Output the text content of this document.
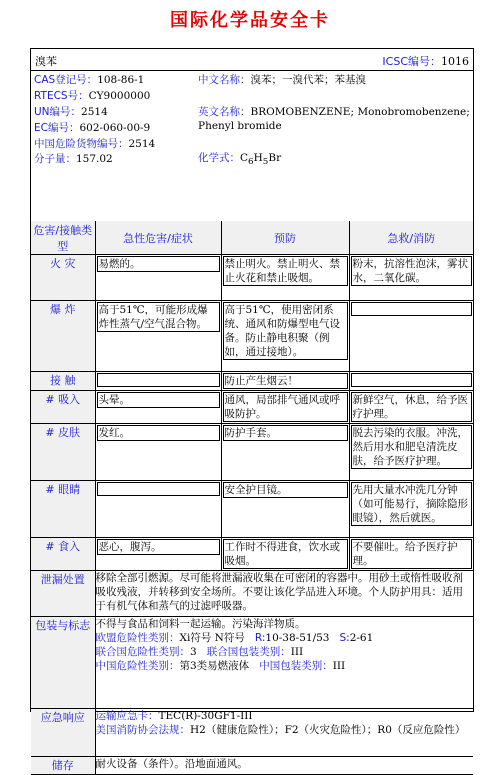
国际化学品安全卡
溴苯	ICSC编号：1016
CAS登记号：108-86-1
RTECS号：CY9000000
UN编号：2514
EC编号：602-060-00-9
中国危险货物编号：2514
分子量：157.02
中文名称：溴苯；一溴代苯；苯基溴
英文名称：BROMOBENZENE; Monobromobenzene;
Phenyl bromide
化学式：$C_6H_5Br$
危害/接触类型	急性危害/症状	预防	急救/消防
火 灾	易燃的。	禁止明火。禁止明火、禁止火花和禁止吸烟。	粉末，抗溶性泡沫，雾状水，二氧化碳。

爆 炸	高于51℃，可能形成爆炸性蒸气/空气混合物。	高于51℃，使用密闭系统、通风和防爆型电气设备。防止静电积聚（例如，通过接地）。	

接 触		防止产生烟云！	

# 吸入	头晕。	通风，局部排气通风或呼吸防护。	新鲜空气，休息，给予医疗护理。

# 皮肤	发红。	防护手套。	脱去污染的衣服。冲洗，然后用水和肥皂清洗皮肤，给予医疗护理。

# 眼睛		安全护目镜。	先用大量水冲洗几分钟（如可能易行，摘除隐形眼镜），然后就医。

# 食入	恶心，腹泻。	工作时不得进食，饮水或吸烟。	不要催吐。给予医疗护理。

泄漏处置	移除全部引燃源。尽可能将泄漏液收集在可密闭的容器中。用砂土或惰性吸收剂吸收残液，并转移到安全场所。不要让该化学品进入环境。个人防护用具：适用于有机气体和蒸气的过滤呼吸器。		
包装与标志	不得与食品和饲料一起运输。污染海洋物质。
欧盟危险性类别：Xi符号 N符号 R:10-38-51/53 S:2-61
联合国危险性类别：3 联合国包装类别：III
中国危险性类别：第3类易燃液体 中国包装类别：III		

应急响应	运输应急卡：TEC(R)-30GF1-III
美国消防协会法规：H2（健康危险性）；F2（火灾危险性）；R0（反应危险性）		

储存	耐火设备（条件）。沿地面通风。		
